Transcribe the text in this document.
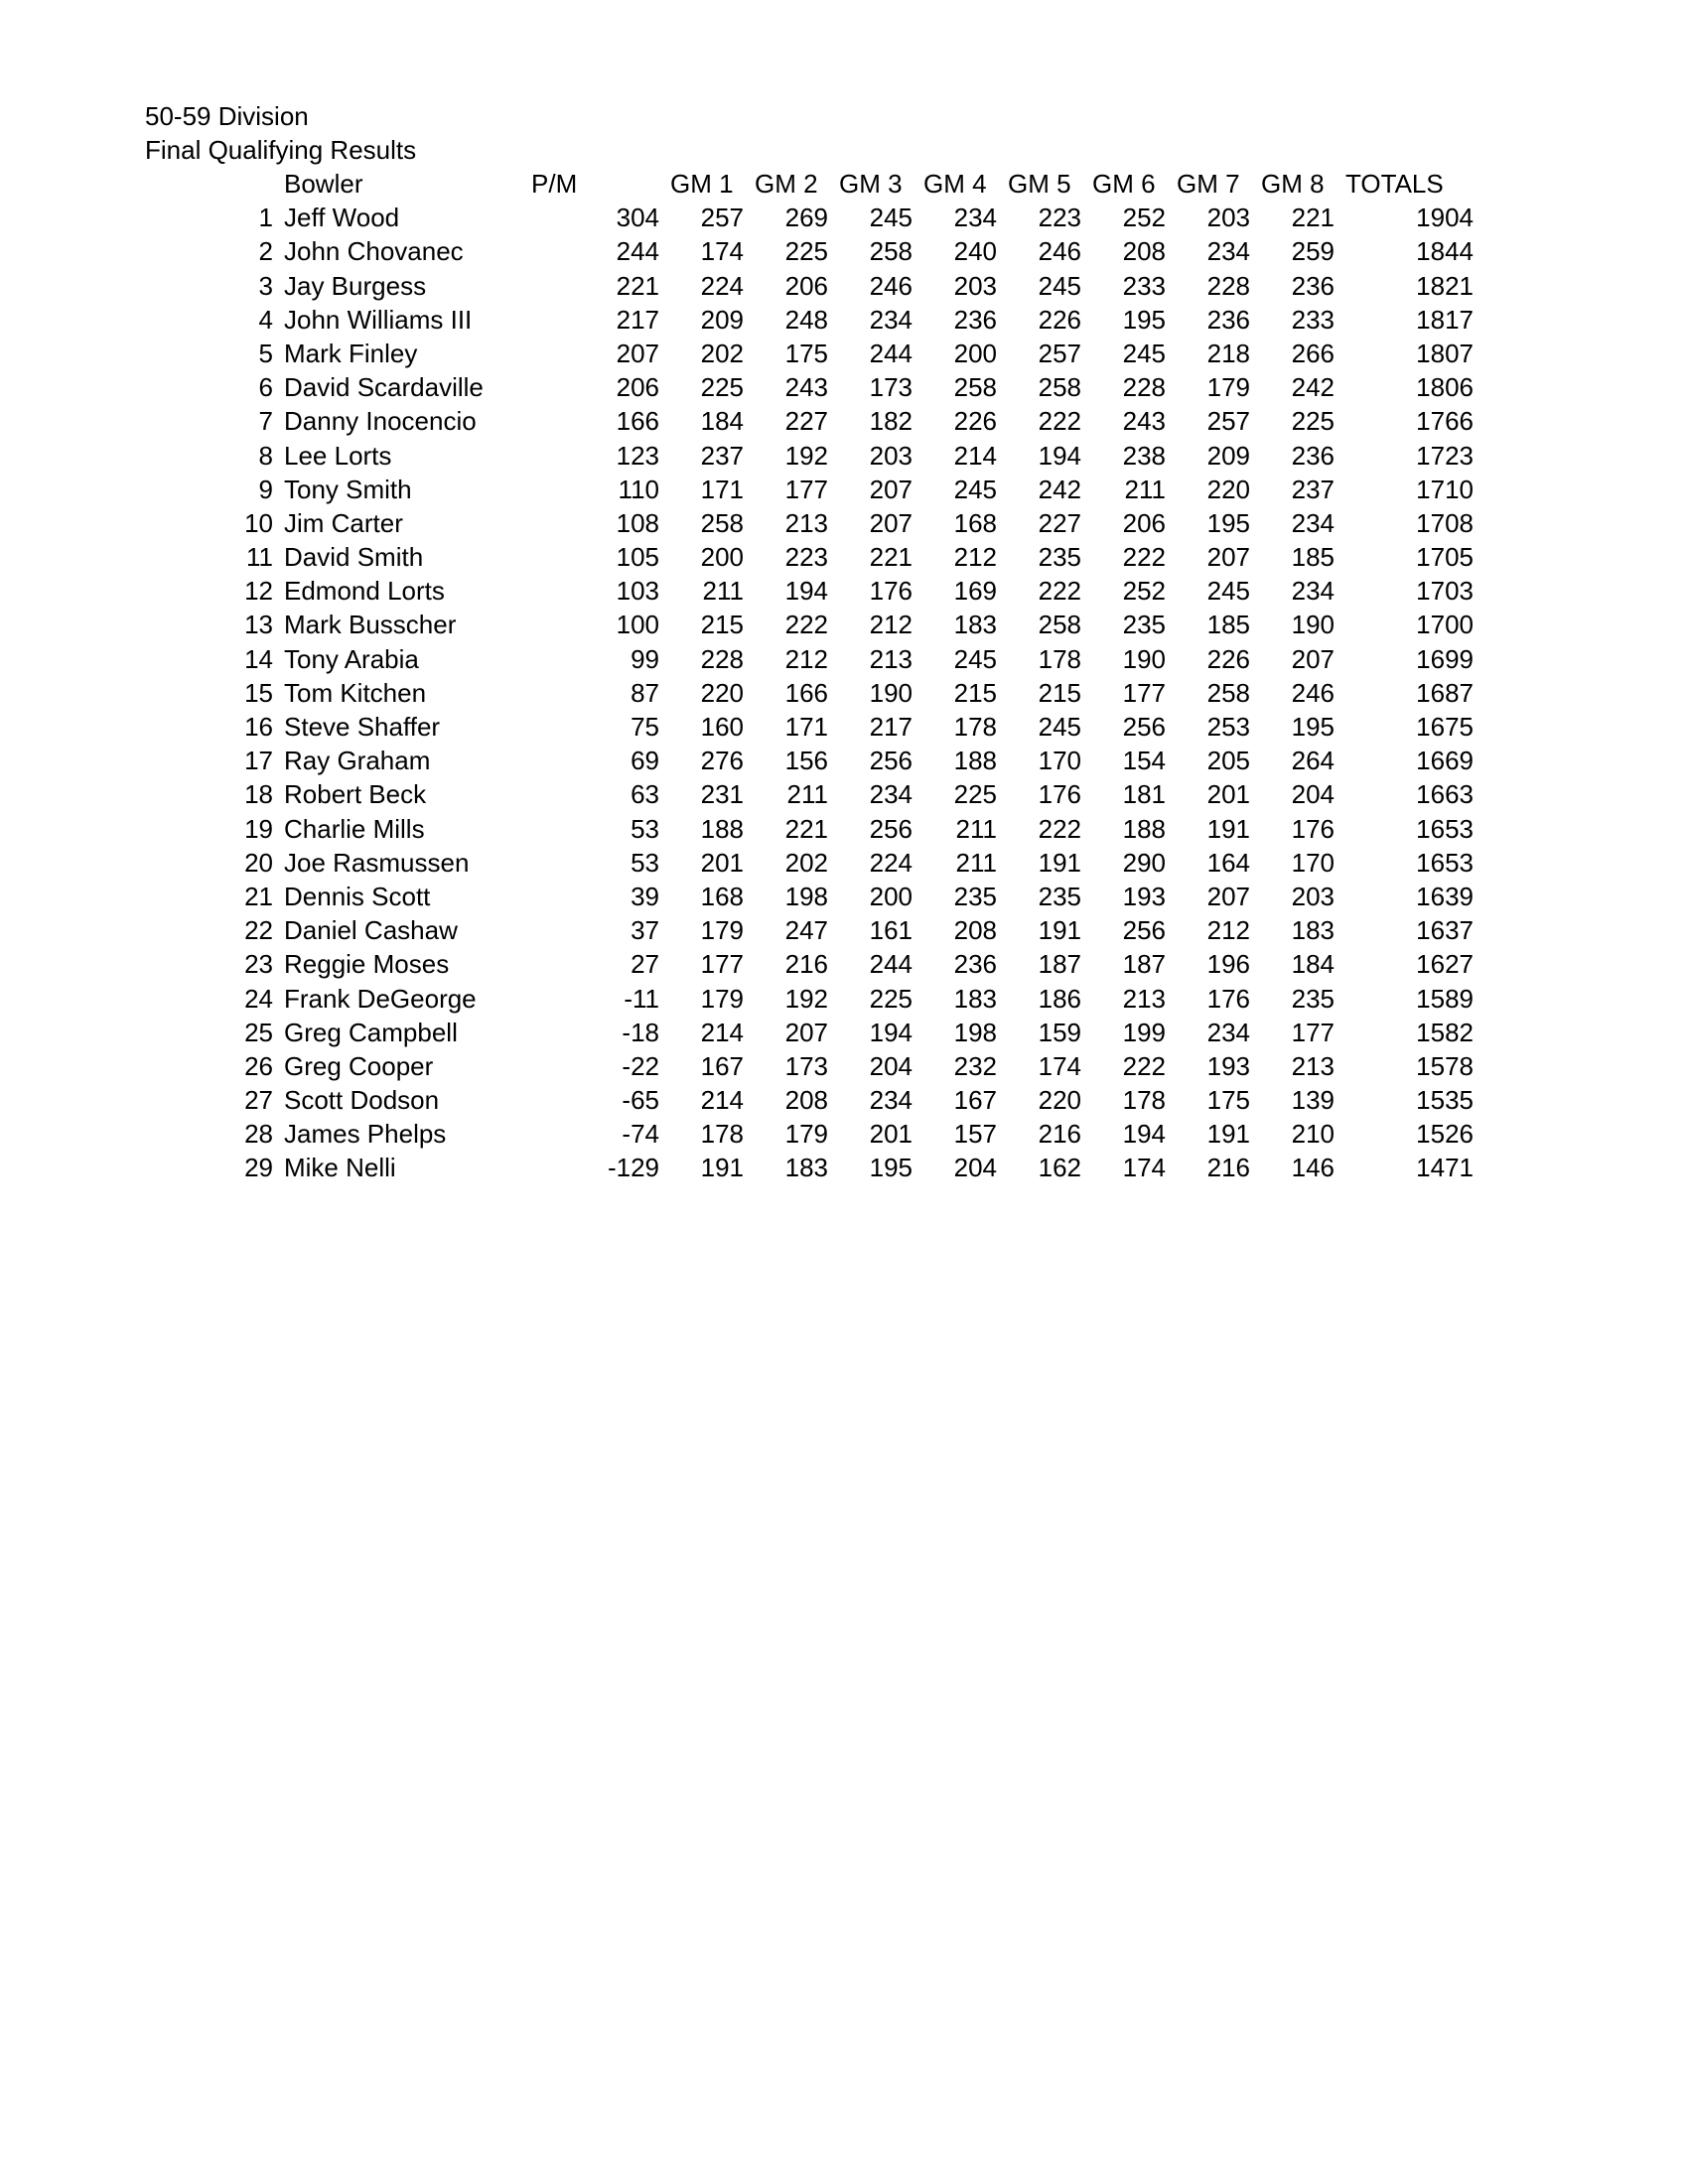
50-59 Division
Final Qualifying Results
Bowler	P/M	GM 1 GM 2 GM 3 GM 4 GM 5 GM 6 GM 7 GM 8 TOTALS
1 Jeff Wood	304 257 269 245 234 223 252 203 221	1904
2 John Chovanec	244 174 225 258 240 246 208 234 259	1844
3 Jay Burgess	221 224 206 246 203 245 233 228 236	1821
4 John Williams III	217 209 248 234 236 226 195 236 233	1817
5 Mark Finley	207 202 175 244 200 257 245 218 266	1807
6 David Scardaville	206 225 243 173 258 258 228 179 242	1806
7 Danny Inocencio	166 184 227 182 226 222 243 257 225	1766
8 Lee Lorts	123 237 192 203 214 194 238 209 236	1723
9 Tony Smith	110 171 177 207 245 242 211 220 237	1710
10 Jim Carter	108 258 213 207 168 227 206 195 234	1708
11 David Smith	105 200 223 221 212 235 222 207 185	1705
12 Edmond Lorts	103 211 194 176 169 222 252 245 234	1703
13 Mark Busscher	100 215 222 212 183 258 235 185 190	1700
14 Tony Arabia	99 228 212 213 245 178 190 226 207	1699
15 Tom Kitchen	87 220 166 190 215 215 177 258 246	1687
16 Steve Shaffer	75 160 171 217 178 245 256 253 195	1675
17 Ray Graham	69 276 156 256 188 170 154 205 264	1669
18 Robert Beck	63 231 211 234 225 176 181 201 204	1663
19 Charlie Mills	53 188 221 256 211 222 188 191 176	1653
20 Joe Rasmussen	53 201 202 224 211 191 290 164 170	1653
21 Dennis Scott	39 168 198 200 235 235 193 207 203	1639
22 Daniel Cashaw	37 179 247 161 208 191 256 212 183	1637
23 Reggie Moses	27 177 216 244 236 187 187 196 184	1627
24 Frank DeGeorge	-11 179 192 225 183 186 213 176 235	1589
25 Greg Campbell	-18 214 207 194 198 159 199 234 177	1582
26 Greg Cooper	-22 167 173 204 232 174 222 193 213	1578
27 Scott Dodson	-65 214 208 234 167 220 178 175 139	1535
28 James Phelps	-74 178 179 201 157 216 194 191 210	1526
29 Mike Nelli	-129 191 183 195 204 162 174 216 146	1471
